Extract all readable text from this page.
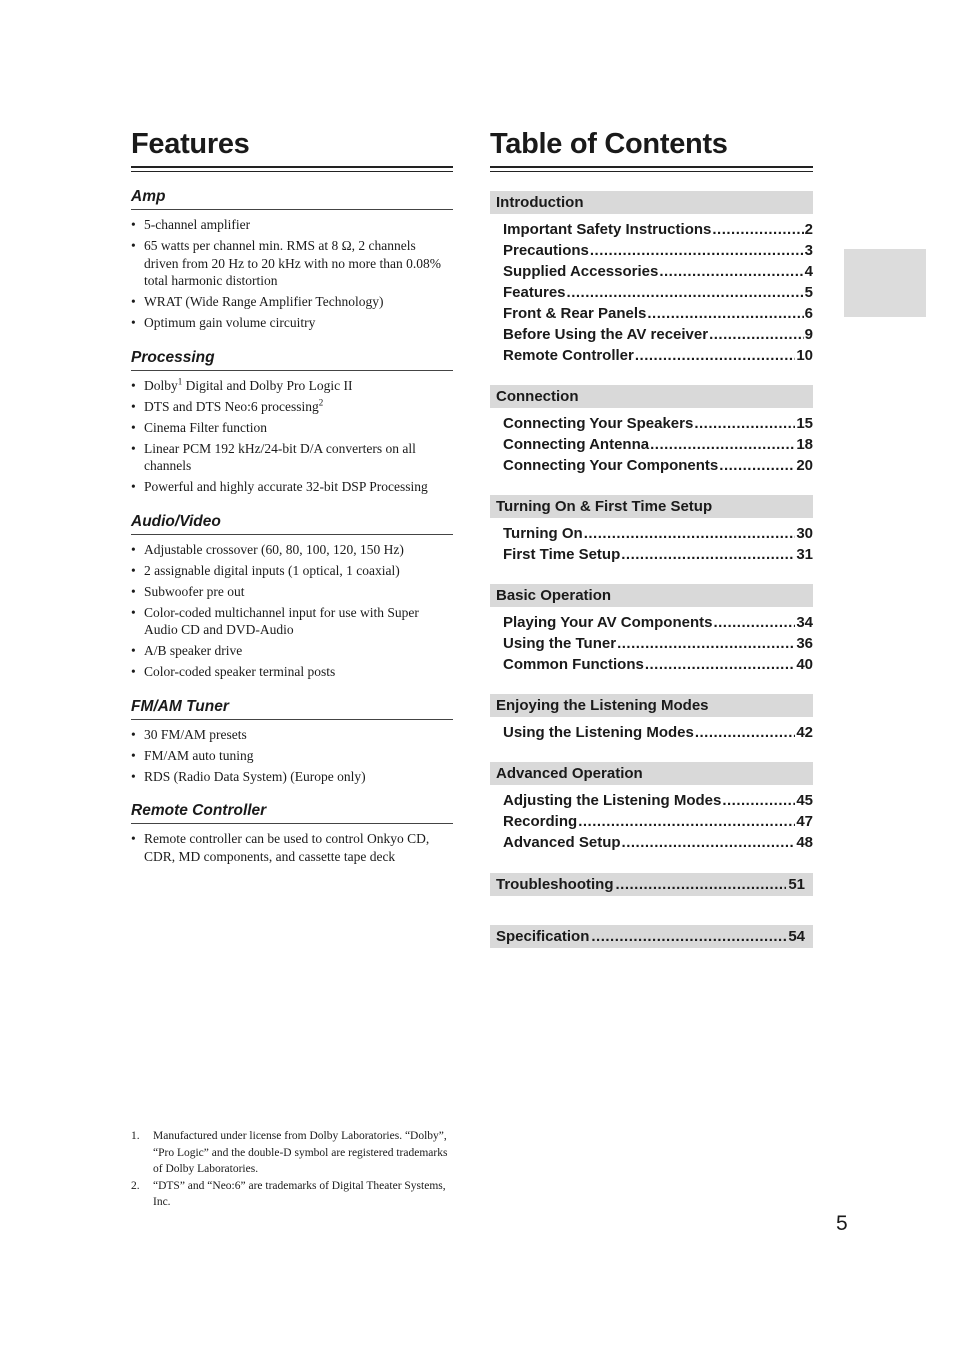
Features
Amp
• 5-channel amplifier
• 65 watts per channel min. RMS at 8 Ω, 2 channels driven from 20 Hz to 20 kHz with no more than 0.08% total harmonic distortion
• WRAT (Wide Range Amplifier Technology)
• Optimum gain volume circuitry
Processing
• Dolby$^1$ Digital and Dolby Pro Logic II
• DTS and DTS Neo:6 processing$^2$
• Cinema Filter function
• Linear PCM 192 kHz/24-bit D/A converters on all channels
• Powerful and highly accurate 32-bit DSP Processing
Audio/Video
• Adjustable crossover (60, 80, 100, 120, 150 Hz)
• 2 assignable digital inputs (1 optical, 1 coaxial)
• Subwoofer pre out
• Color-coded multichannel input for use with Super Audio CD and DVD-Audio
• A/B speaker drive
• Color-coded speaker terminal posts
FM/AM Tuner
• 30 FM/AM presets
• FM/AM auto tuning
• RDS (Radio Data System) (Europe only)
Remote Controller
• Remote controller can be used to control Onkyo CD, CDR, MD components, and cassette tape deck
Table of Contents
Introduction
Important Safety Instructions .....	2
Precautions .....	3
Supplied Accessories .....	4
Features .....	5
Front & Rear Panels .....	6
Before Using the AV receiver .....	9
Remote Controller .....	10
Connection
Connecting Your Speakers .....	15
Connecting Antenna .....	18
Connecting Your Components .....	20
Turning On & First Time Setup
Turning On .....	30
First Time Setup .....	31
Basic Operation
Playing Your AV Components .....	34
Using the Tuner .....	36
Common Functions .....	40
Enjoying the Listening Modes
Using the Listening Modes .....	42
Advanced Operation
Adjusting the Listening Modes .....	45
Recording .....	47
Advanced Setup .....	48
Troubleshooting .....	51
Specification .....	54
1.	Manufactured under license from Dolby Laboratories. “Dolby”, “Pro Logic” and the double-D symbol are registered trademarks of Dolby Laboratories.
2.	“DTS” and “Neo:6” are trademarks of Digital Theater Systems, Inc.
5
